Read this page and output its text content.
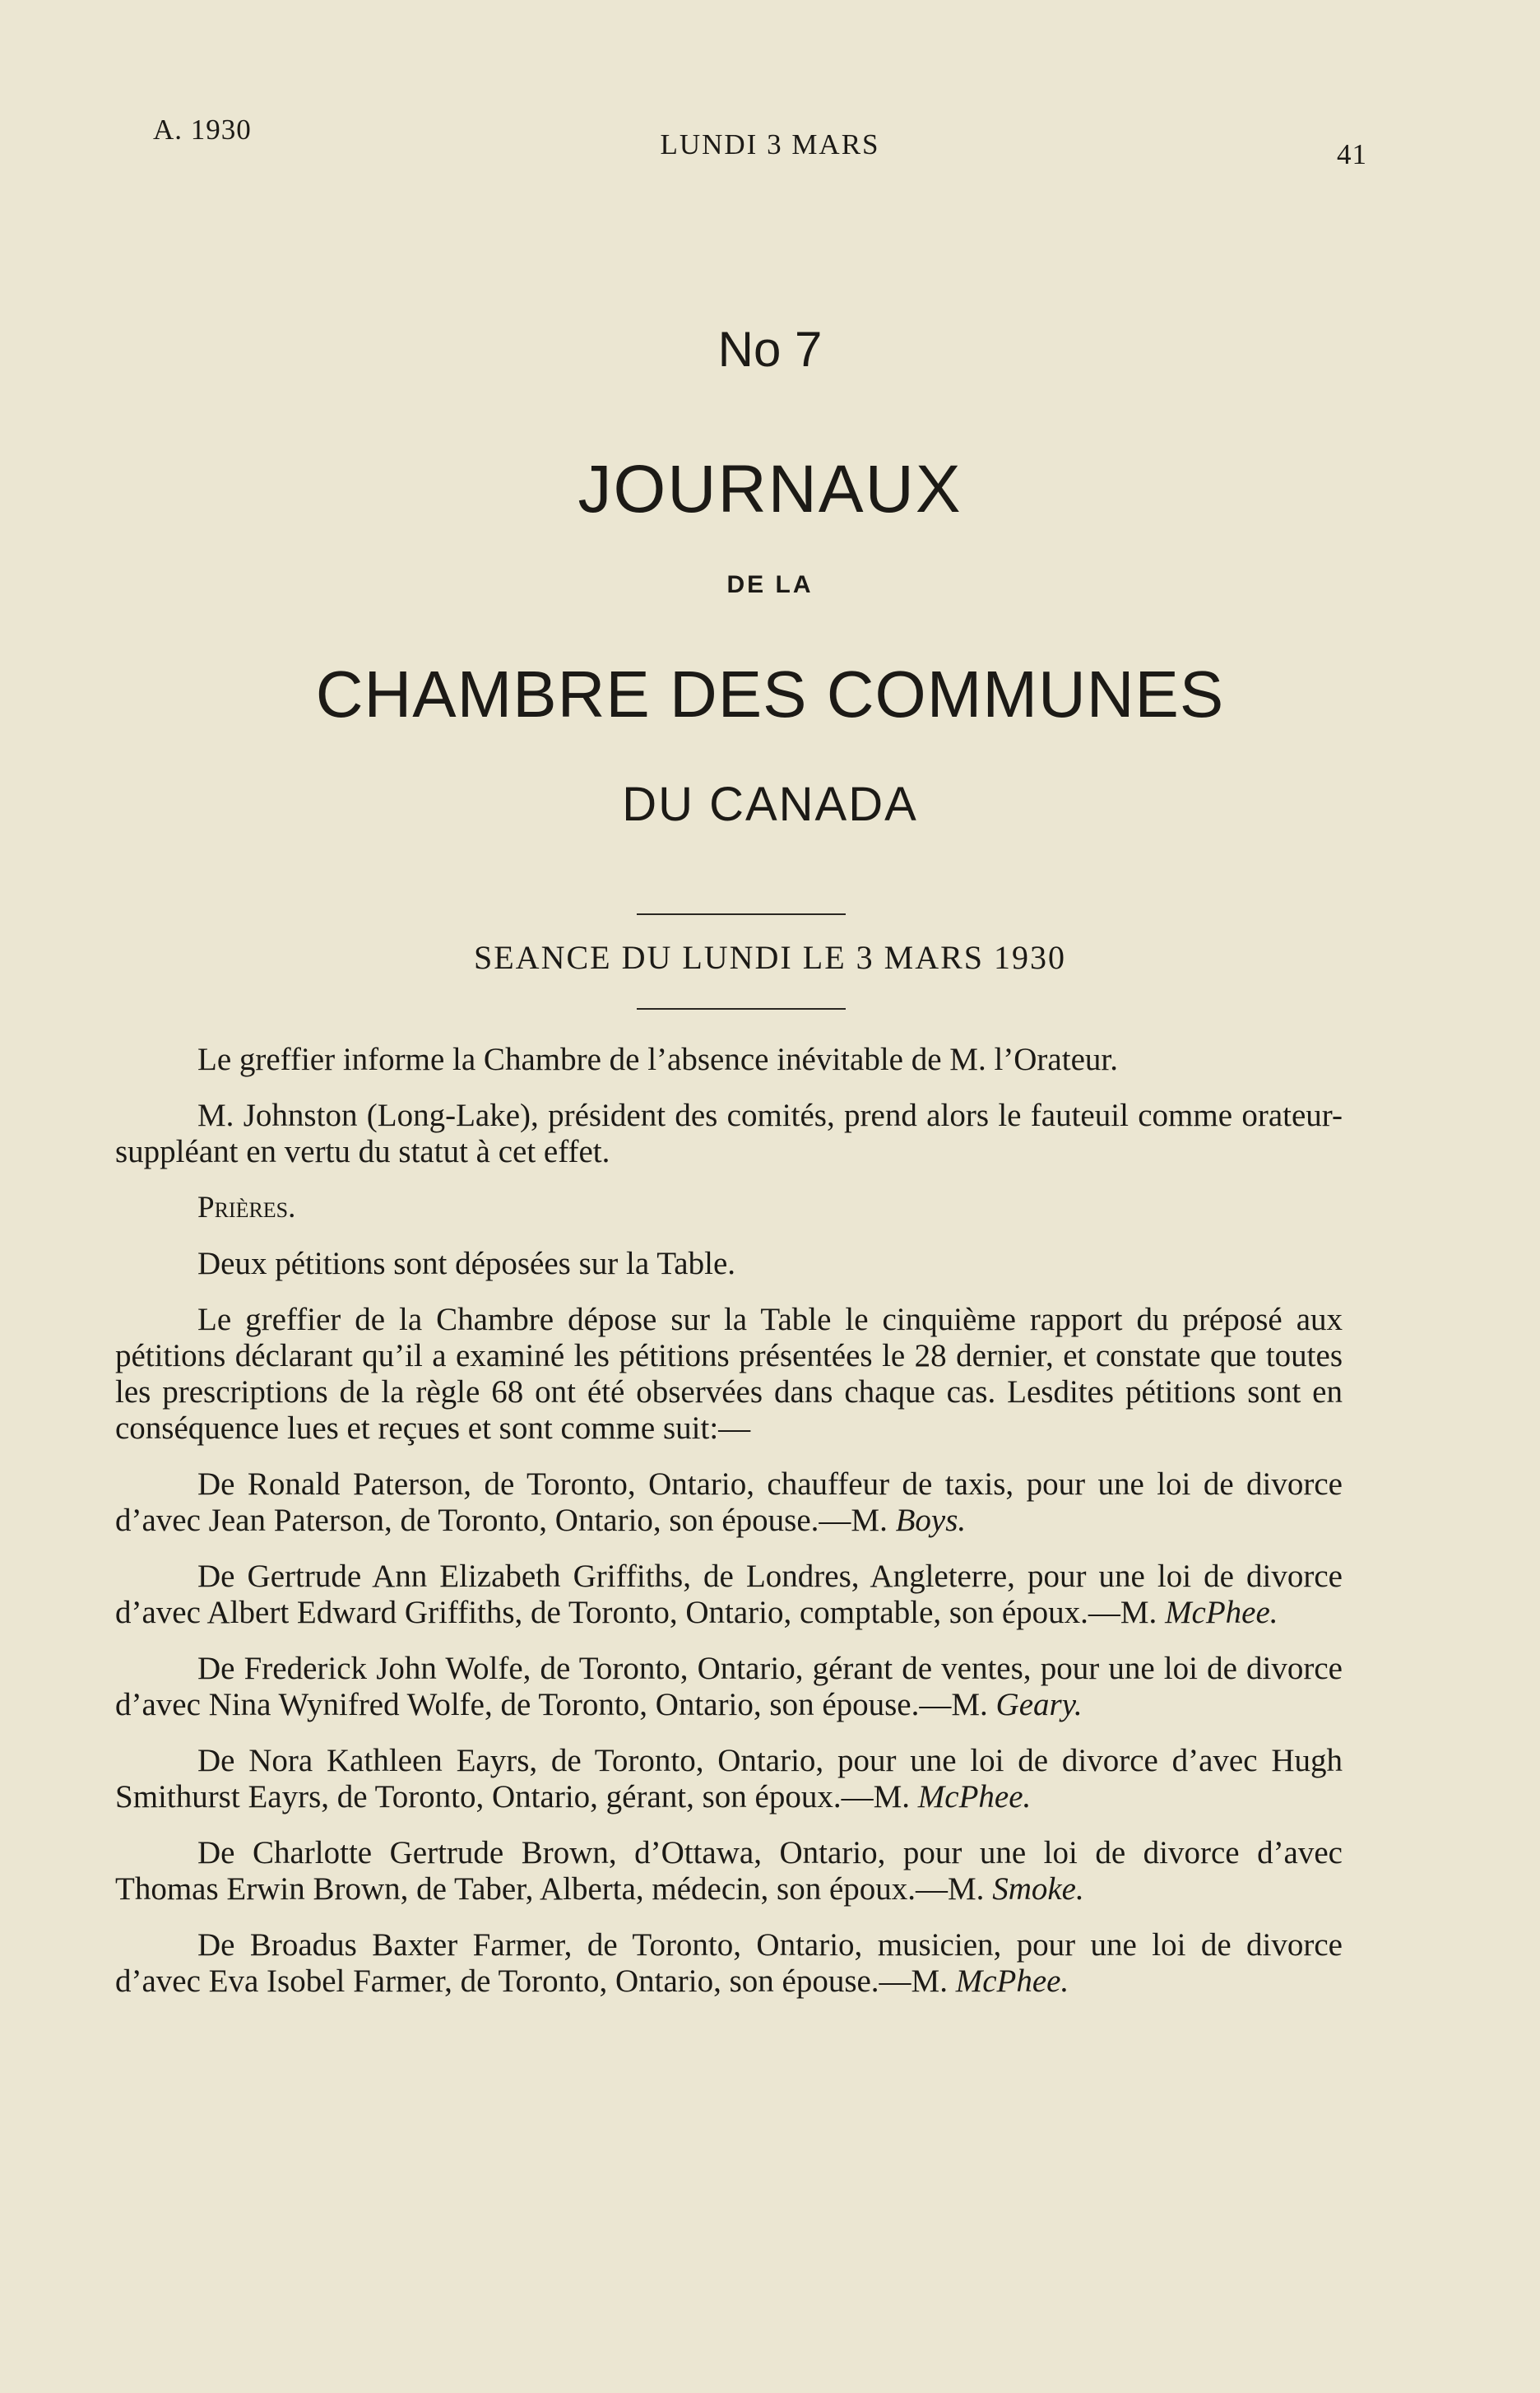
A. 1930	LUNDI 3 MARS	41
No 7
JOURNAUX
DE LA
CHAMBRE DES COMMUNES
DU CANADA
SEANCE DU LUNDI LE 3 MARS 1930

Le greffier informe la Chambre de l’absence inévitable de M. l’Orateur.

M. Johnston (Long-Lake), président des comités, prend alors le fauteuil comme orateur-suppléant en vertu du statut à cet effet.

Prières.

Deux pétitions sont déposées sur la Table.

Le greffier de la Chambre dépose sur la Table le cinquième rapport du préposé aux pétitions déclarant qu’il a examiné les pétitions présentées le 28 dernier, et constate que toutes les prescriptions de la règle 68 ont été observées dans chaque cas. Lesdites pétitions sont en conséquence lues et reçues et sont comme suit:—

De Ronald Paterson, de Toronto, Ontario, chauffeur de taxis, pour une loi de divorce d’avec Jean Paterson, de Toronto, Ontario, son épouse.—M. Boys.

De Gertrude Ann Elizabeth Griffiths, de Londres, Angleterre, pour une loi de divorce d’avec Albert Edward Griffiths, de Toronto, Ontario, comptable, son époux.—M. McPhee.

De Frederick John Wolfe, de Toronto, Ontario, gérant de ventes, pour une loi de divorce d’avec Nina Wynifred Wolfe, de Toronto, Ontario, son épouse.—M. Geary.

De Nora Kathleen Eayrs, de Toronto, Ontario, pour une loi de divorce d’avec Hugh Smithurst Eayrs, de Toronto, Ontario, gérant, son époux.—M. McPhee.

De Charlotte Gertrude Brown, d’Ottawa, Ontario, pour une loi de divorce d’avec Thomas Erwin Brown, de Taber, Alberta, médecin, son époux.—M. Smoke.

De Broadus Baxter Farmer, de Toronto, Ontario, musicien, pour une loi de divorce d’avec Eva Isobel Farmer, de Toronto, Ontario, son épouse.—M. McPhee.
